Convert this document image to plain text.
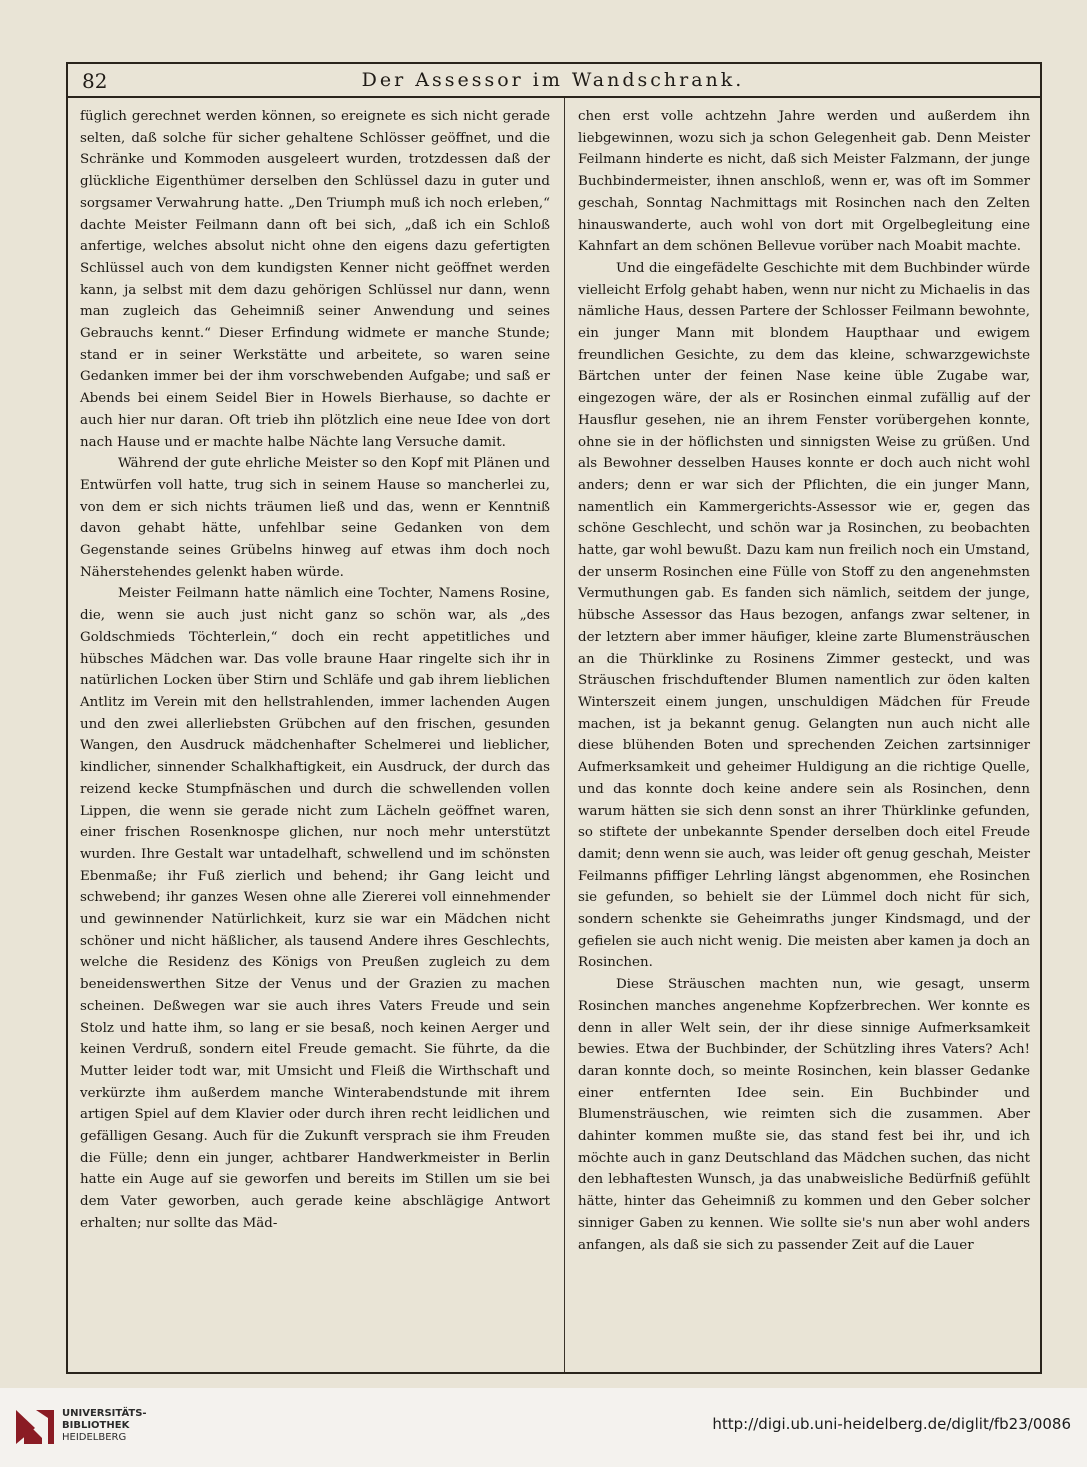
82	Der Assessor im Wandschrank.

füglich gerechnet werden können, so ereignete es sich nicht gerade selten, daß solche für sicher gehaltene Schlösser geöffnet, und die Schränke und Kommoden ausgeleert wurden, trotzdessen daß der glückliche Eigenthümer derselben den Schlüssel dazu in guter und sorgsamer Verwahrung hatte. „Den Triumph muß ich noch erleben,“ dachte Meister Feilmann dann oft bei sich, „daß ich ein Schloß anfertige, welches absolut nicht ohne den eigens dazu gefertigten Schlüssel auch von dem kundigsten Kenner nicht geöffnet werden kann, ja selbst mit dem dazu gehörigen Schlüssel nur dann, wenn man zugleich das Geheimniß seiner Anwendung und seines Gebrauchs kennt.“ Dieser Erfindung widmete er manche Stunde; stand er in seiner Werkstätte und arbeitete, so waren seine Gedanken immer bei der ihm vorschwebenden Aufgabe; und saß er Abends bei einem Seidel Bier in Howels Bierhause, so dachte er auch hier nur daran. Oft trieb ihn plötzlich eine neue Idee von dort nach Hause und er machte halbe Nächte lang Versuche damit.

Während der gute ehrliche Meister so den Kopf mit Plänen und Entwürfen voll hatte, trug sich in seinem Hause so mancherlei zu, von dem er sich nichts träumen ließ und das, wenn er Kenntniß davon gehabt hätte, unfehlbar seine Gedanken von dem Gegenstande seines Grübelns hinweg auf etwas ihm doch noch Näherstehendes gelenkt haben würde.

Meister Feilmann hatte nämlich eine Tochter, Namens Rosine, die, wenn sie auch just nicht ganz so schön war, als „des Goldschmieds Töchterlein,“ doch ein recht appetitliches und hübsches Mädchen war. Das volle braune Haar ringelte sich ihr in natürlichen Locken über Stirn und Schläfe und gab ihrem lieblichen Antlitz im Verein mit den hellstrahlenden, immer lachenden Augen und den zwei allerliebsten Grübchen auf den frischen, gesunden Wangen, den Ausdruck mädchenhafter Schelmerei und lieblicher, kindlicher, sinnender Schalkhaftigkeit, ein Ausdruck, der durch das reizend kecke Stumpfnäschen und durch die schwellenden vollen Lippen, die wenn sie gerade nicht zum Lächeln geöffnet waren, einer frischen Rosenknospe glichen, nur noch mehr unterstützt wurden. Ihre Gestalt war untadelhaft, schwellend und im schönsten Ebenmaße; ihr Fuß zierlich und behend; ihr Gang leicht und schwebend; ihr ganzes Wesen ohne alle Ziererei voll einnehmender und gewinnender Natürlichkeit, kurz sie war ein Mädchen nicht schöner und nicht häßlicher, als tausend Andere ihres Geschlechts, welche die Residenz des Königs von Preußen zugleich zu dem beneidenswerthen Sitze der Venus und der Grazien zu machen scheinen. Deßwegen war sie auch ihres Vaters Freude und sein Stolz und hatte ihm, so lang er sie besaß, noch keinen Aerger und keinen Verdruß, sondern eitel Freude gemacht. Sie führte, da die Mutter leider todt war, mit Umsicht und Fleiß die Wirthschaft und verkürzte ihm außerdem manche Winterabendstunde mit ihrem artigen Spiel auf dem Klavier oder durch ihren recht leidlichen und gefälligen Gesang. Auch für die Zukunft versprach sie ihm Freuden die Fülle; denn ein junger, achtbarer Handwerkmeister in Berlin hatte ein Auge auf sie geworfen und bereits im Stillen um sie bei dem Vater geworben, auch gerade keine abschlägige Antwort erhalten; nur sollte das Mäd-

chen erst volle achtzehn Jahre werden und außerdem ihn liebgewinnen, wozu sich ja schon Gelegenheit gab. Denn Meister Feilmann hinderte es nicht, daß sich Meister Falzmann, der junge Buchbindermeister, ihnen anschloß, wenn er, was oft im Sommer geschah, Sonntag Nachmittags mit Rosinchen nach den Zelten hinauswanderte, auch wohl von dort mit Orgelbegleitung eine Kahnfart an dem schönen Bellevue vorüber nach Moabit machte.

Und die eingefädelte Geschichte mit dem Buchbinder würde vielleicht Erfolg gehabt haben, wenn nur nicht zu Michaelis in das nämliche Haus, dessen Partere der Schlosser Feilmann bewohnte, ein junger Mann mit blondem Haupthaar und ewigem freundlichen Gesichte, zu dem das kleine, schwarzgewichste Bärtchen unter der feinen Nase keine üble Zugabe war, eingezogen wäre, der als er Rosinchen einmal zufällig auf der Hausflur gesehen, nie an ihrem Fenster vorübergehen konnte, ohne sie in der höflichsten und sinnigsten Weise zu grüßen. Und als Bewohner desselben Hauses konnte er doch auch nicht wohl anders; denn er war sich der Pflichten, die ein junger Mann, namentlich ein Kammergerichts-Assessor wie er, gegen das schöne Geschlecht, und schön war ja Rosinchen, zu beobachten hatte, gar wohl bewußt. Dazu kam nun freilich noch ein Umstand, der unserm Rosinchen eine Fülle von Stoff zu den angenehmsten Vermuthungen gab. Es fanden sich nämlich, seitdem der junge, hübsche Assessor das Haus bezogen, anfangs zwar seltener, in der letztern aber immer häufiger, kleine zarte Blumensträuschen an die Thürklinke zu Rosinens Zimmer gesteckt, und was Sträuschen frischduftender Blumen namentlich zur öden kalten Winterszeit einem jungen, unschuldigen Mädchen für Freude machen, ist ja bekannt genug. Gelangten nun auch nicht alle diese blühenden Boten und sprechenden Zeichen zartsinniger Aufmerksamkeit und geheimer Huldigung an die richtige Quelle, und das konnte doch keine andere sein als Rosinchen, denn warum hätten sie sich denn sonst an ihrer Thürklinke gefunden, so stiftete der unbekannte Spender derselben doch eitel Freude damit; denn wenn sie auch, was leider oft genug geschah, Meister Feilmanns pfiffiger Lehrling längst abgenommen, ehe Rosinchen sie gefunden, so behielt sie der Lümmel doch nicht für sich, sondern schenkte sie Geheimraths junger Kindsmagd, und der gefielen sie auch nicht wenig. Die meisten aber kamen ja doch an Rosinchen.

Diese Sträuschen machten nun, wie gesagt, unserm Rosinchen manches angenehme Kopfzerbrechen. Wer konnte es denn in aller Welt sein, der ihr diese sinnige Aufmerksamkeit bewies. Etwa der Buchbinder, der Schützling ihres Vaters? Ach! daran konnte doch, so meinte Rosinchen, kein blasser Gedanke einer entfernten Idee sein. Ein Buchbinder und Blumensträuschen, wie reimten sich die zusammen. Aber dahinter kommen mußte sie, das stand fest bei ihr, und ich möchte auch in ganz Deutschland das Mädchen suchen, das nicht den lebhaftesten Wunsch, ja das unabweisliche Bedürfniß gefühlt hätte, hinter das Geheimniß zu kommen und den Geber solcher sinniger Gaben zu kennen. Wie sollte sie's nun aber wohl anders anfangen, als daß sie sich zu passender Zeit auf die Lauer

UNIVERSITÄTS-
BIBLIOTHEK
HEIDELBERG
http://digi.ub.uni-heidelberg.de/diglit/fb23/0086
